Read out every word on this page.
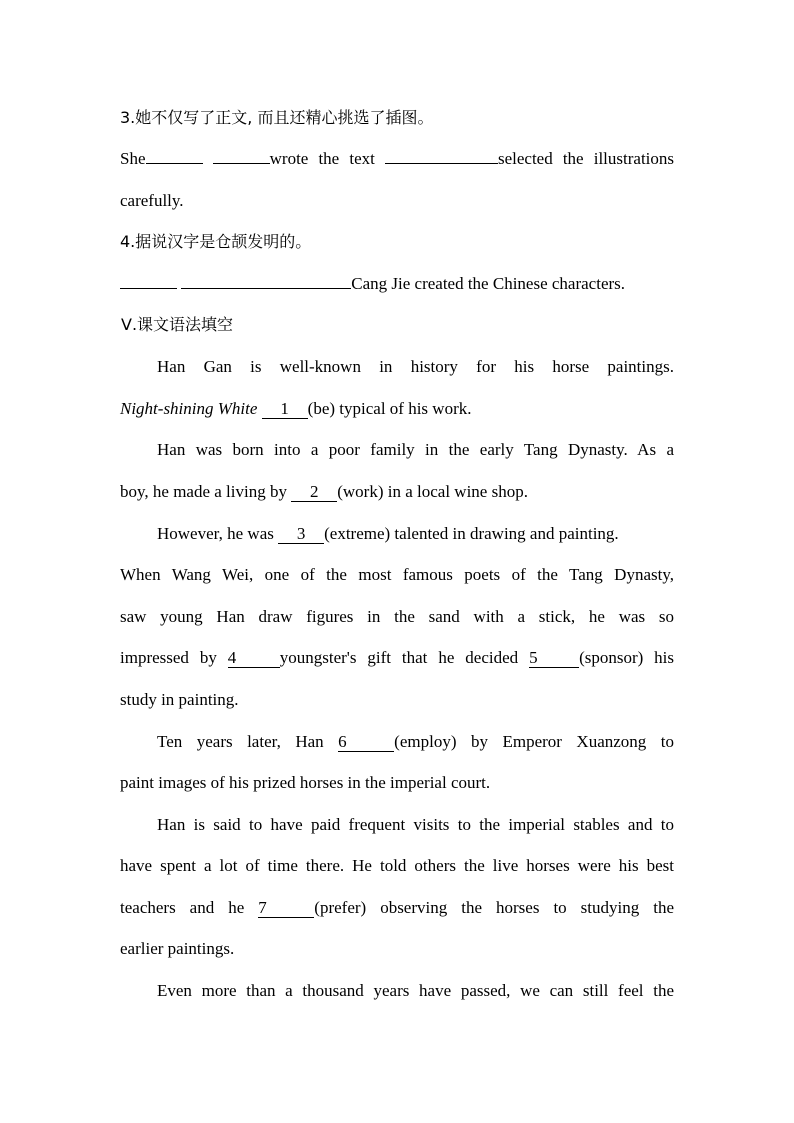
3.她不仅写了正文, 而且还精心挑选了插图。
She	wrote the text	selected the illustrations
carefully.
4.据说汉字是仓颉发明的。
Cang Jie created the Chinese characters.
Ⅴ.课文语法填空
Han Gan is well-known in history for his horse paintings.
Night-shining White 1 (be) typical of his work.
Han was born into a poor family in the early Tang Dynasty. As a
boy, he made a living by 2 (work) in a local wine shop.
However, he was 3 (extreme) talented in drawing and painting.
When Wang Wei, one of the most famous poets of the Tang Dynasty,
saw young Han draw figures in the sand with a stick, he was so
impressed by 4	youngster's gift that he decided 5 (sponsor) his
study in painting.
Ten years later, Han 6	(employ) by Emperor Xuanzong to
paint images of his prized horses in the imperial court.
Han is said to have paid frequent visits to the imperial stables and to
have spent a lot of time there. He told others the live horses were his best
teachers and he 7	(prefer) observing the horses to studying the
earlier paintings.
Even more than a thousand years have passed, we can still feel the
